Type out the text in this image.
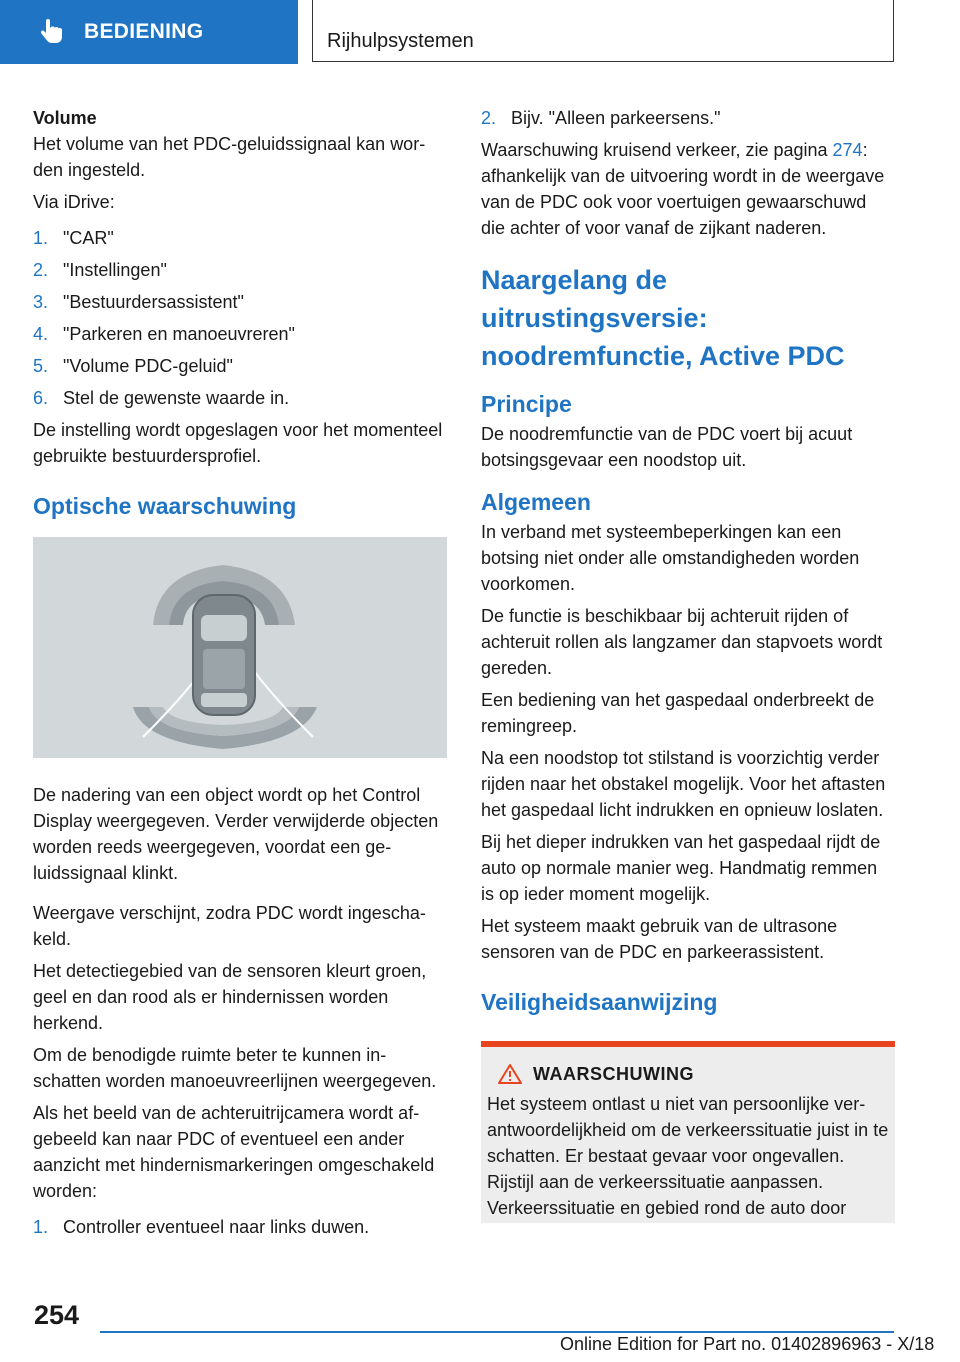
BEDIENING	Rijhulpsystemen

Volume

Het volume van het PDC-geluidssignaal kan worden ingesteld.

Via iDrive:

1. "CAR"
2. "Instellingen"
3. "Bestuurdersassistent"
4. "Parkeren en manoeuvreren"
5. "Volume PDC-geluid"
6. Stel de gewenste waarde in.

De instelling wordt opgeslagen voor het momenteel gebruikte bestuurdersprofiel.

Optische waarschuwing

De nadering van een object wordt op het Control Display weergegeven. Verder verwijderde objecten worden reeds weergegeven, voordat een geluidssignaal klinkt.

Weergave verschijnt, zodra PDC wordt ingeschakeld.

Het detectiegebied van de sensoren kleurt groen, geel en dan rood als er hindernissen worden herkend.

Om de benodigde ruimte beter te kunnen inschatten worden manoeuvreerlijnen weergegeven.

Als het beeld van de achteruitrijcamera wordt afgebeeld kan naar PDC of eventueel een ander aanzicht met hindernismarkeringen omgeschakeld worden:

1. Controller eventueel naar links duwen.
2. Bijv. "Alleen parkeersens."

Waarschuwing kruisend verkeer, zie pagina 274: afhankelijk van de uitvoering wordt in de weergave van de PDC ook voor voertuigen gewaarschuwd die achter of voor vanaf de zijkant naderen.

Naargelang de uitrustingsversie: noodremfunctie, Active PDC
Principe

De noodremfunctie van de PDC voert bij acuut botsingsgevaar een noodstop uit.

Algemeen

In verband met systeembeperkingen kan een botsing niet onder alle omstandigheden worden voorkomen.

De functie is beschikbaar bij achteruit rijden of achteruit rollen als langzamer dan stapvoets wordt gereden.

Een bediening van het gaspedaal onderbreekt de remingreep.

Na een noodstop tot stilstand is voorzichtig verder rijden naar het obstakel mogelijk. Voor het aftasten het gaspedaal licht indrukken en opnieuw loslaten.

Bij het dieper indrukken van het gaspedaal rijdt de auto op normale manier weg. Handmatig remmen is op ieder moment mogelijk.

Het systeem maakt gebruik van de ultrasone sensoren van de PDC en parkeerassistent.

Veiligheidsaanwijzing
WAARSCHUWING

Het systeem ontlast u niet van persoonlijke verantwoordelijkheid om de verkeerssituatie juist in te schatten. Er bestaat gevaar voor ongevallen. Rijstijl aan de verkeerssituatie aanpassen. Verkeerssituatie en gebied rond de auto door

254
Online Edition for Part no. 01402896963 - X/18
